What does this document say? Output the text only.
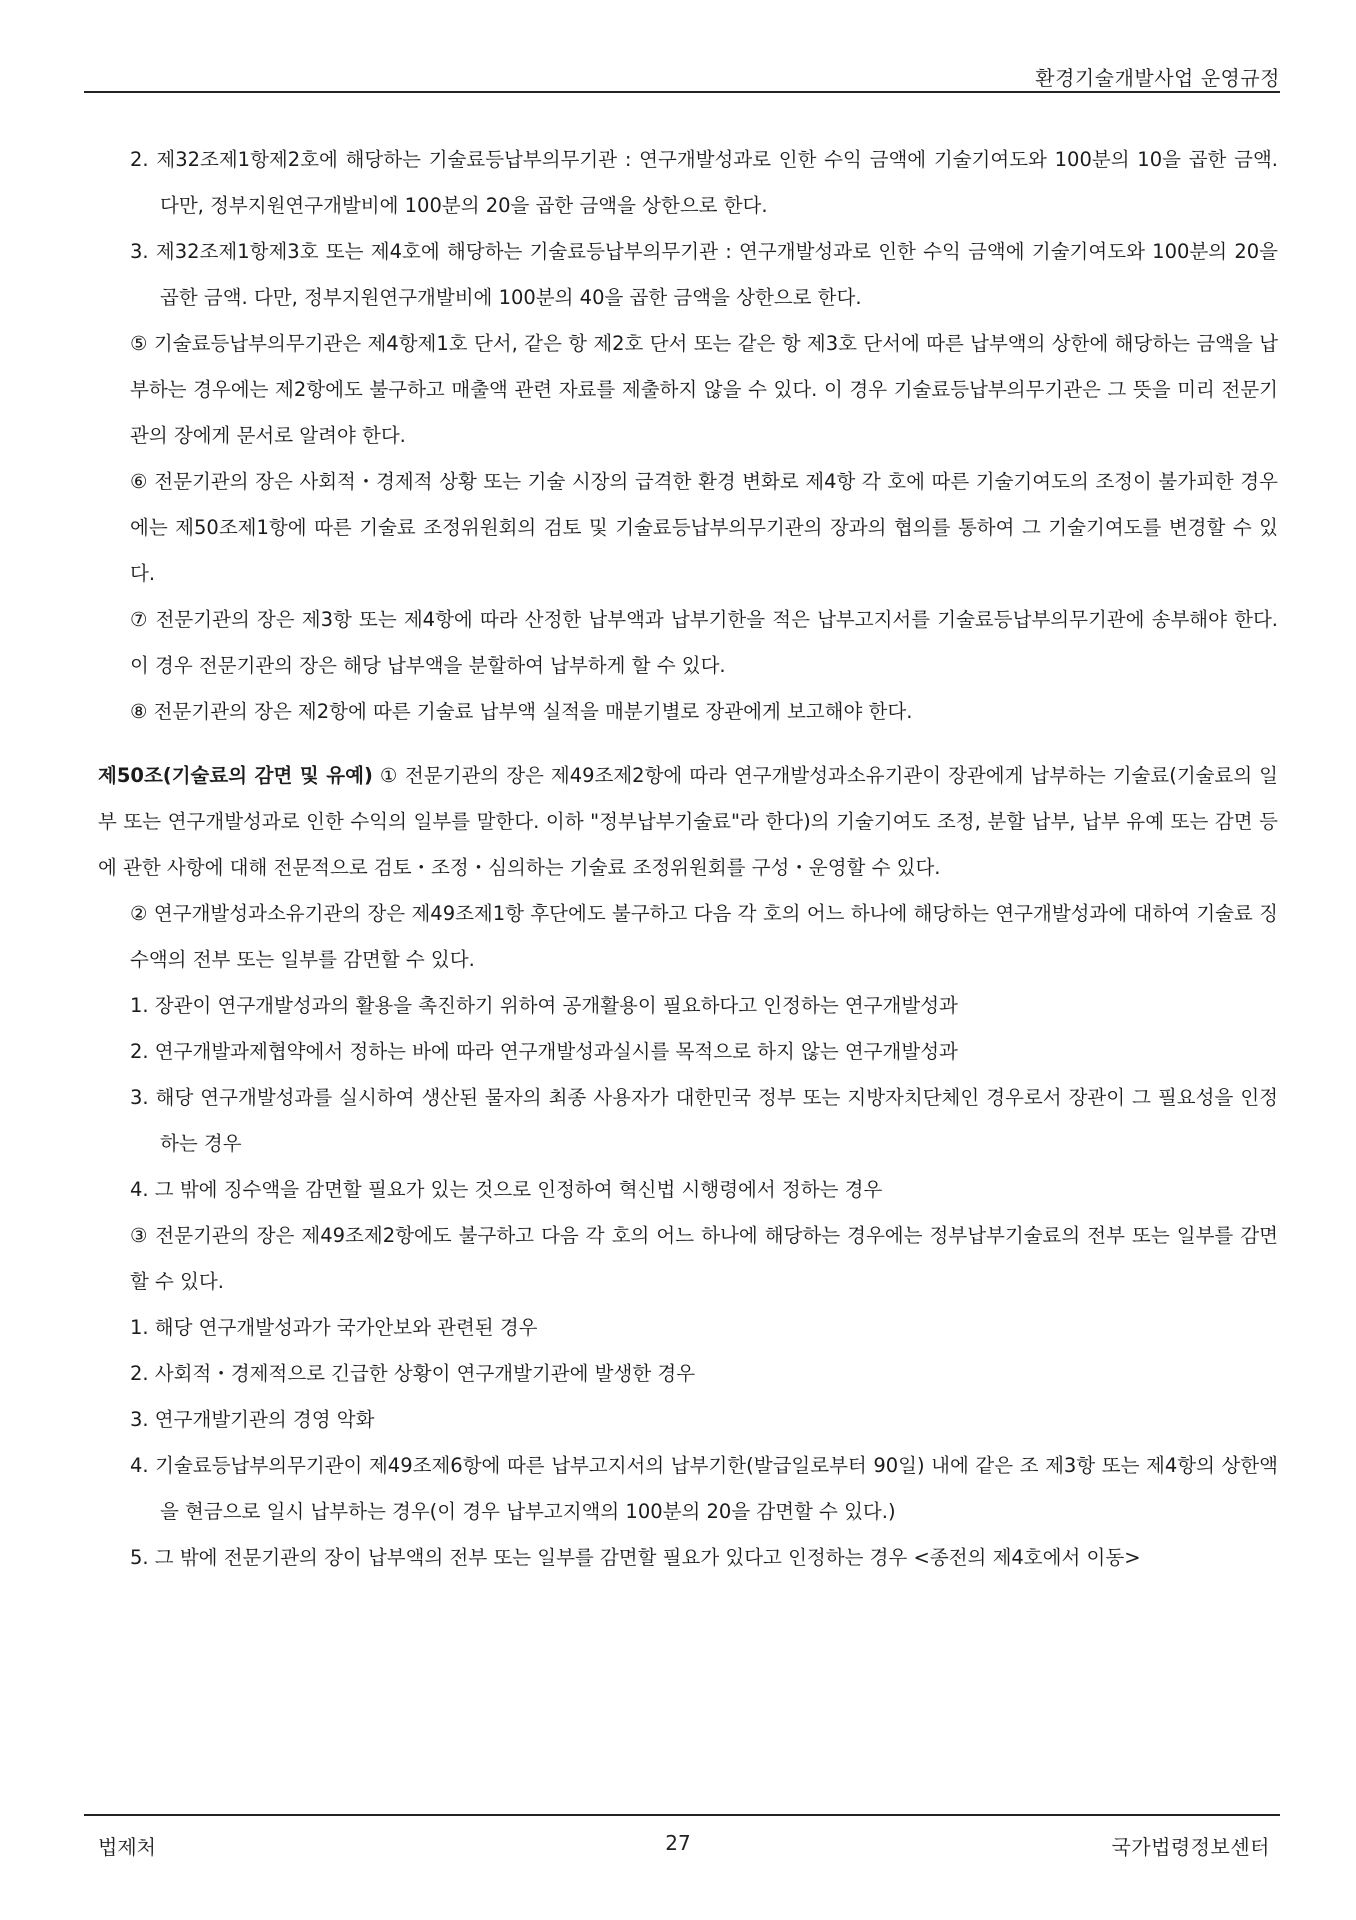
환경기술개발사업 운영규정

2. 제32조제1항제2호에 해당하는 기술료등납부의무기관 : 연구개발성과로 인한 수익 금액에 기술기여도와 100분의 10을 곱한 금액. 다만, 정부지원연구개발비에 100분의 20을 곱한 금액을 상한으로 한다.

3. 제32조제1항제3호 또는 제4호에 해당하는 기술료등납부의무기관 : 연구개발성과로 인한 수익 금액에 기술기여도와 100분의 20을 곱한 금액. 다만, 정부지원연구개발비에 100분의 40을 곱한 금액을 상한으로 한다.

⑤ 기술료등납부의무기관은 제4항제1호 단서, 같은 항 제2호 단서 또는 같은 항 제3호 단서에 따른 납부액의 상한에 해당하는 금액을 납부하는 경우에는 제2항에도 불구하고 매출액 관련 자료를 제출하지 않을 수 있다. 이 경우 기술료등납부의무기관은 그 뜻을 미리 전문기관의 장에게 문서로 알려야 한다.

⑥ 전문기관의 장은 사회적・경제적 상황 또는 기술 시장의 급격한 환경 변화로 제4항 각 호에 따른 기술기여도의 조정이 불가피한 경우에는 제50조제1항에 따른 기술료 조정위원회의 검토 및 기술료등납부의무기관의 장과의 협의를 통하여 그 기술기여도를 변경할 수 있다.

⑦ 전문기관의 장은 제3항 또는 제4항에 따라 산정한 납부액과 납부기한을 적은 납부고지서를 기술료등납부의무기관에 송부해야 한다. 이 경우 전문기관의 장은 해당 납부액을 분할하여 납부하게 할 수 있다.

⑧ 전문기관의 장은 제2항에 따른 기술료 납부액 실적을 매분기별로 장관에게 보고해야 한다.

제50조(기술료의 감면 및 유예) ① 전문기관의 장은 제49조제2항에 따라 연구개발성과소유기관이 장관에게 납부하는 기술료(기술료의 일부 또는 연구개발성과로 인한 수익의 일부를 말한다. 이하 "정부납부기술료"라 한다)의 기술기여도 조정, 분할 납부, 납부 유예 또는 감면 등에 관한 사항에 대해 전문적으로 검토・조정・심의하는 기술료 조정위원회를 구성・운영할 수 있다.

② 연구개발성과소유기관의 장은 제49조제1항 후단에도 불구하고 다음 각 호의 어느 하나에 해당하는 연구개발성과에 대하여 기술료 징수액의 전부 또는 일부를 감면할 수 있다.

1. 장관이 연구개발성과의 활용을 촉진하기 위하여 공개활용이 필요하다고 인정하는 연구개발성과

2. 연구개발과제협약에서 정하는 바에 따라 연구개발성과실시를 목적으로 하지 않는 연구개발성과

3. 해당 연구개발성과를 실시하여 생산된 물자의 최종 사용자가 대한민국 정부 또는 지방자치단체인 경우로서 장관이 그 필요성을 인정하는 경우

4. 그 밖에 징수액을 감면할 필요가 있는 것으로 인정하여 혁신법 시행령에서 정하는 경우

③ 전문기관의 장은 제49조제2항에도 불구하고 다음 각 호의 어느 하나에 해당하는 경우에는 정부납부기술료의 전부 또는 일부를 감면할 수 있다.

1. 해당 연구개발성과가 국가안보와 관련된 경우

2. 사회적・경제적으로 긴급한 상황이 연구개발기관에 발생한 경우

3. 연구개발기관의 경영 악화

4. 기술료등납부의무기관이 제49조제6항에 따른 납부고지서의 납부기한(발급일로부터 90일) 내에 같은 조 제3항 또는 제4항의 상한액을 현금으로 일시 납부하는 경우(이 경우 납부고지액의 100분의 20을 감면할 수 있다.)

5. 그 밖에 전문기관의 장이 납부액의 전부 또는 일부를 감면할 필요가 있다고 인정하는 경우 <종전의 제4호에서 이동>

법제처	27	국가법령정보센터
